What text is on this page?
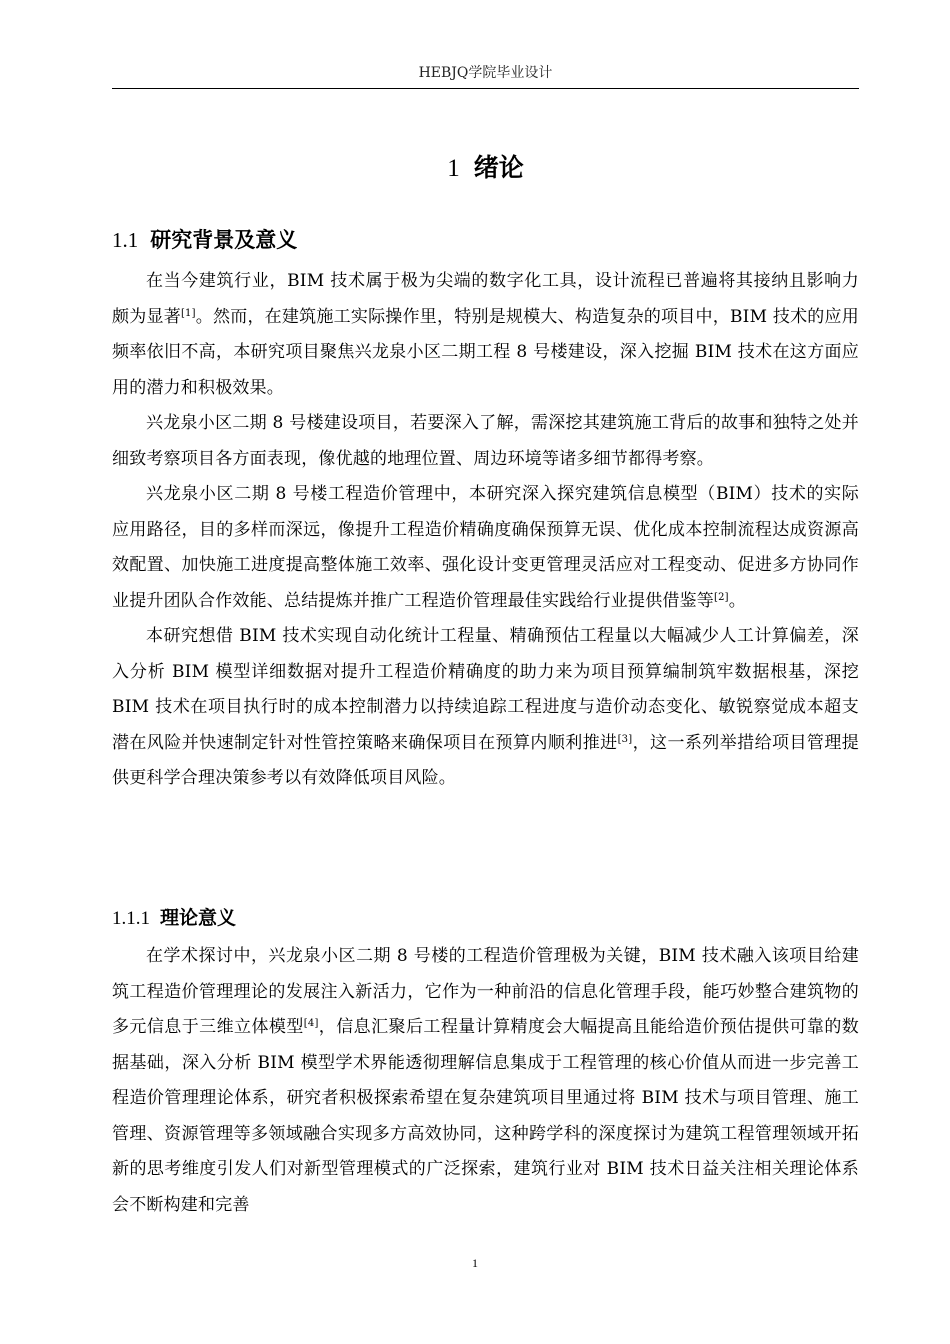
HEBJQ学院毕业设计
1 绪论
1.1 研究背景及意义

在当今建筑行业，BIM 技术属于极为尖端的数字化工具，设计流程已普遍将其接纳且影响力颇为显著[1]。然而，在建筑施工实际操作里，特别是规模大、构造复杂的项目中，BIM 技术的应用频率依旧不高，本研究项目聚焦兴龙泉小区二期工程 8 号楼建设，深入挖掘 BIM 技术在这方面应用的潜力和积极效果。

兴龙泉小区二期 8 号楼建设项目，若要深入了解，需深挖其建筑施工背后的故事和独特之处并细致考察项目各方面表现，像优越的地理位置、周边环境等诸多细节都得考察。

兴龙泉小区二期 8 号楼工程造价管理中，本研究深入探究建筑信息模型（BIM）技术的实际应用路径，目的多样而深远，像提升工程造价精确度确保预算无误、优化成本控制流程达成资源高效配置、加快施工进度提高整体施工效率、强化设计变更管理灵活应对工程变动、促进多方协同作业提升团队合作效能、总结提炼并推广工程造价管理最佳实践给行业提供借鉴等[2]。

本研究想借 BIM 技术实现自动化统计工程量、精确预估工程量以大幅减少人工计算偏差，深入分析 BIM 模型详细数据对提升工程造价精确度的助力来为项目预算编制筑牢数据根基，深挖 BIM 技术在项目执行时的成本控制潜力以持续追踪工程进度与造价动态变化、敏锐察觉成本超支潜在风险并快速制定针对性管控策略来确保项目在预算内顺利推进[3]，这一系列举措给项目管理提供更科学合理决策参考以有效降低项目风险。

1.1.1 理论意义

在学术探讨中，兴龙泉小区二期 8 号楼的工程造价管理极为关键，BIM 技术融入该项目给建筑工程造价管理理论的发展注入新活力，它作为一种前沿的信息化管理手段，能巧妙整合建筑物的多元信息于三维立体模型[4]，信息汇聚后工程量计算精度会大幅提高且能给造价预估提供可靠的数据基础，深入分析 BIM 模型学术界能透彻理解信息集成于工程管理的核心价值从而进一步完善工程造价管理理论体系，研究者积极探索希望在复杂建筑项目里通过将 BIM 技术与项目管理、施工管理、资源管理等多领域融合实现多方高效协同，这种跨学科的深度探讨为建筑工程管理领域开拓新的思考维度引发人们对新型管理模式的广泛探索，建筑行业对 BIM 技术日益关注相关理论体系会不断构建和完善

1
